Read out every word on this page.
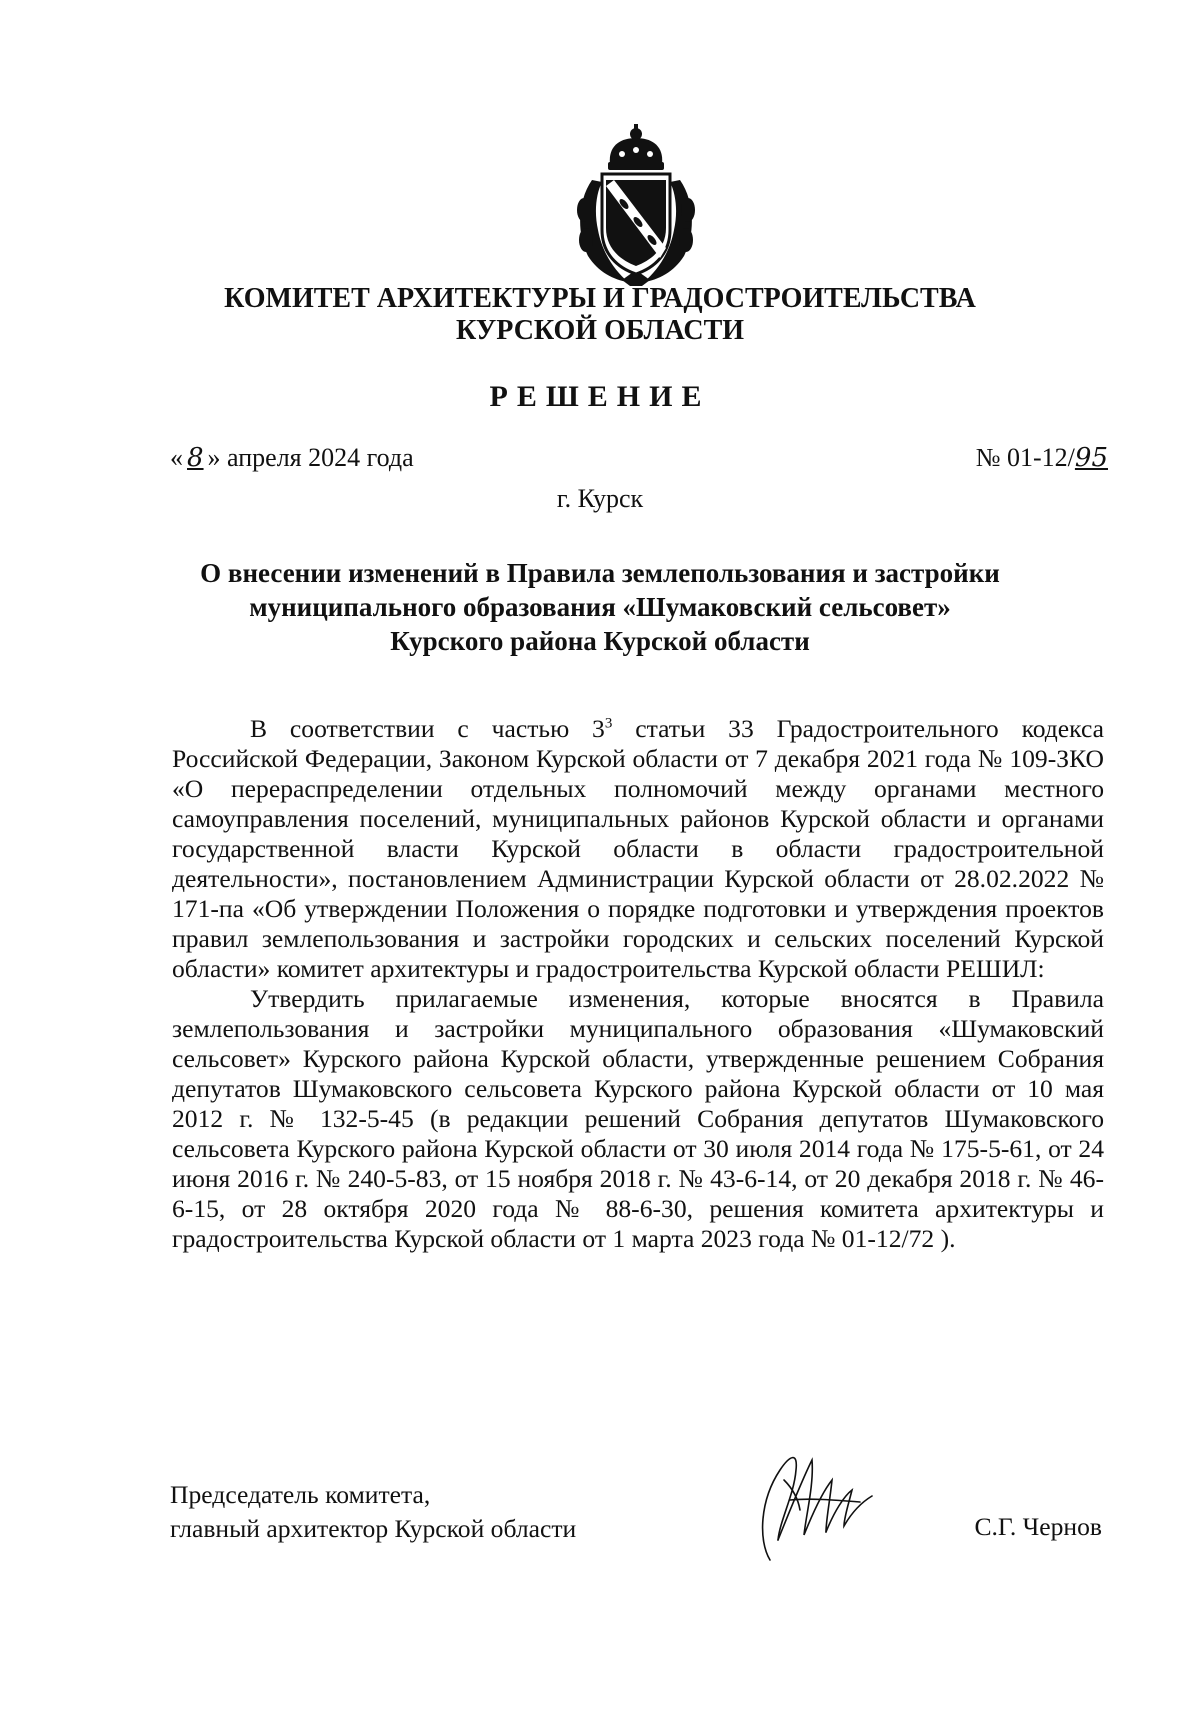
КОМИТЕТ АРХИТЕКТУРЫ И ГРАДОСТРОИТЕЛЬСТВА
КУРСКОЙ ОБЛАСТИ
РЕШЕНИЕ
« 8 » апреля 2024 года	№ 01-12/95
г. Курск
О внесении изменений в Правила землепользования и застройки
муниципального образования «Шумаковский сельсовет»
Курского района Курской области

В соответствии с частью $3^3$ статьи 33 Градостроительного кодекса Российской Федерации, Законом Курской области от 7 декабря 2021 года № 109-ЗКО «О перераспределении отдельных полномочий между органами местного самоуправления поселений, муниципальных районов Курской области и органами государственной власти Курской области в области градостроительной деятельности», постановлением Администрации Курской области от 28.02.2022 № 171-па «Об утверждении Положения о порядке подготовки и утверждения проектов правил землепользования и застройки городских и сельских поселений Курской области» комитет архитектуры и градостроительства Курской области РЕШИЛ:

Утвердить прилагаемые изменения, которые вносятся в Правила землепользования и застройки муниципального образования «Шумаковский сельсовет» Курского района Курской области, утвержденные решением Собрания депутатов Шумаковского сельсовета Курского района Курской области от 10 мая 2012 г. № 132-5-45 (в редакции решений Собрания депутатов Шумаковского сельсовета Курского района Курской области от 30 июля 2014 года № 175-5-61, от 24 июня 2016 г. № 240-5-83, от 15 ноября 2018 г. № 43-6-14, от 20 декабря 2018 г. № 46-6-15, от 28 октября 2020 года № 88-6-30, решения комитета архитектуры и градостроительства Курской области от 1 марта 2023 года № 01-12/72 ).

Председатель комитета,
главный архитектор Курской области	С.Г. Чернов
